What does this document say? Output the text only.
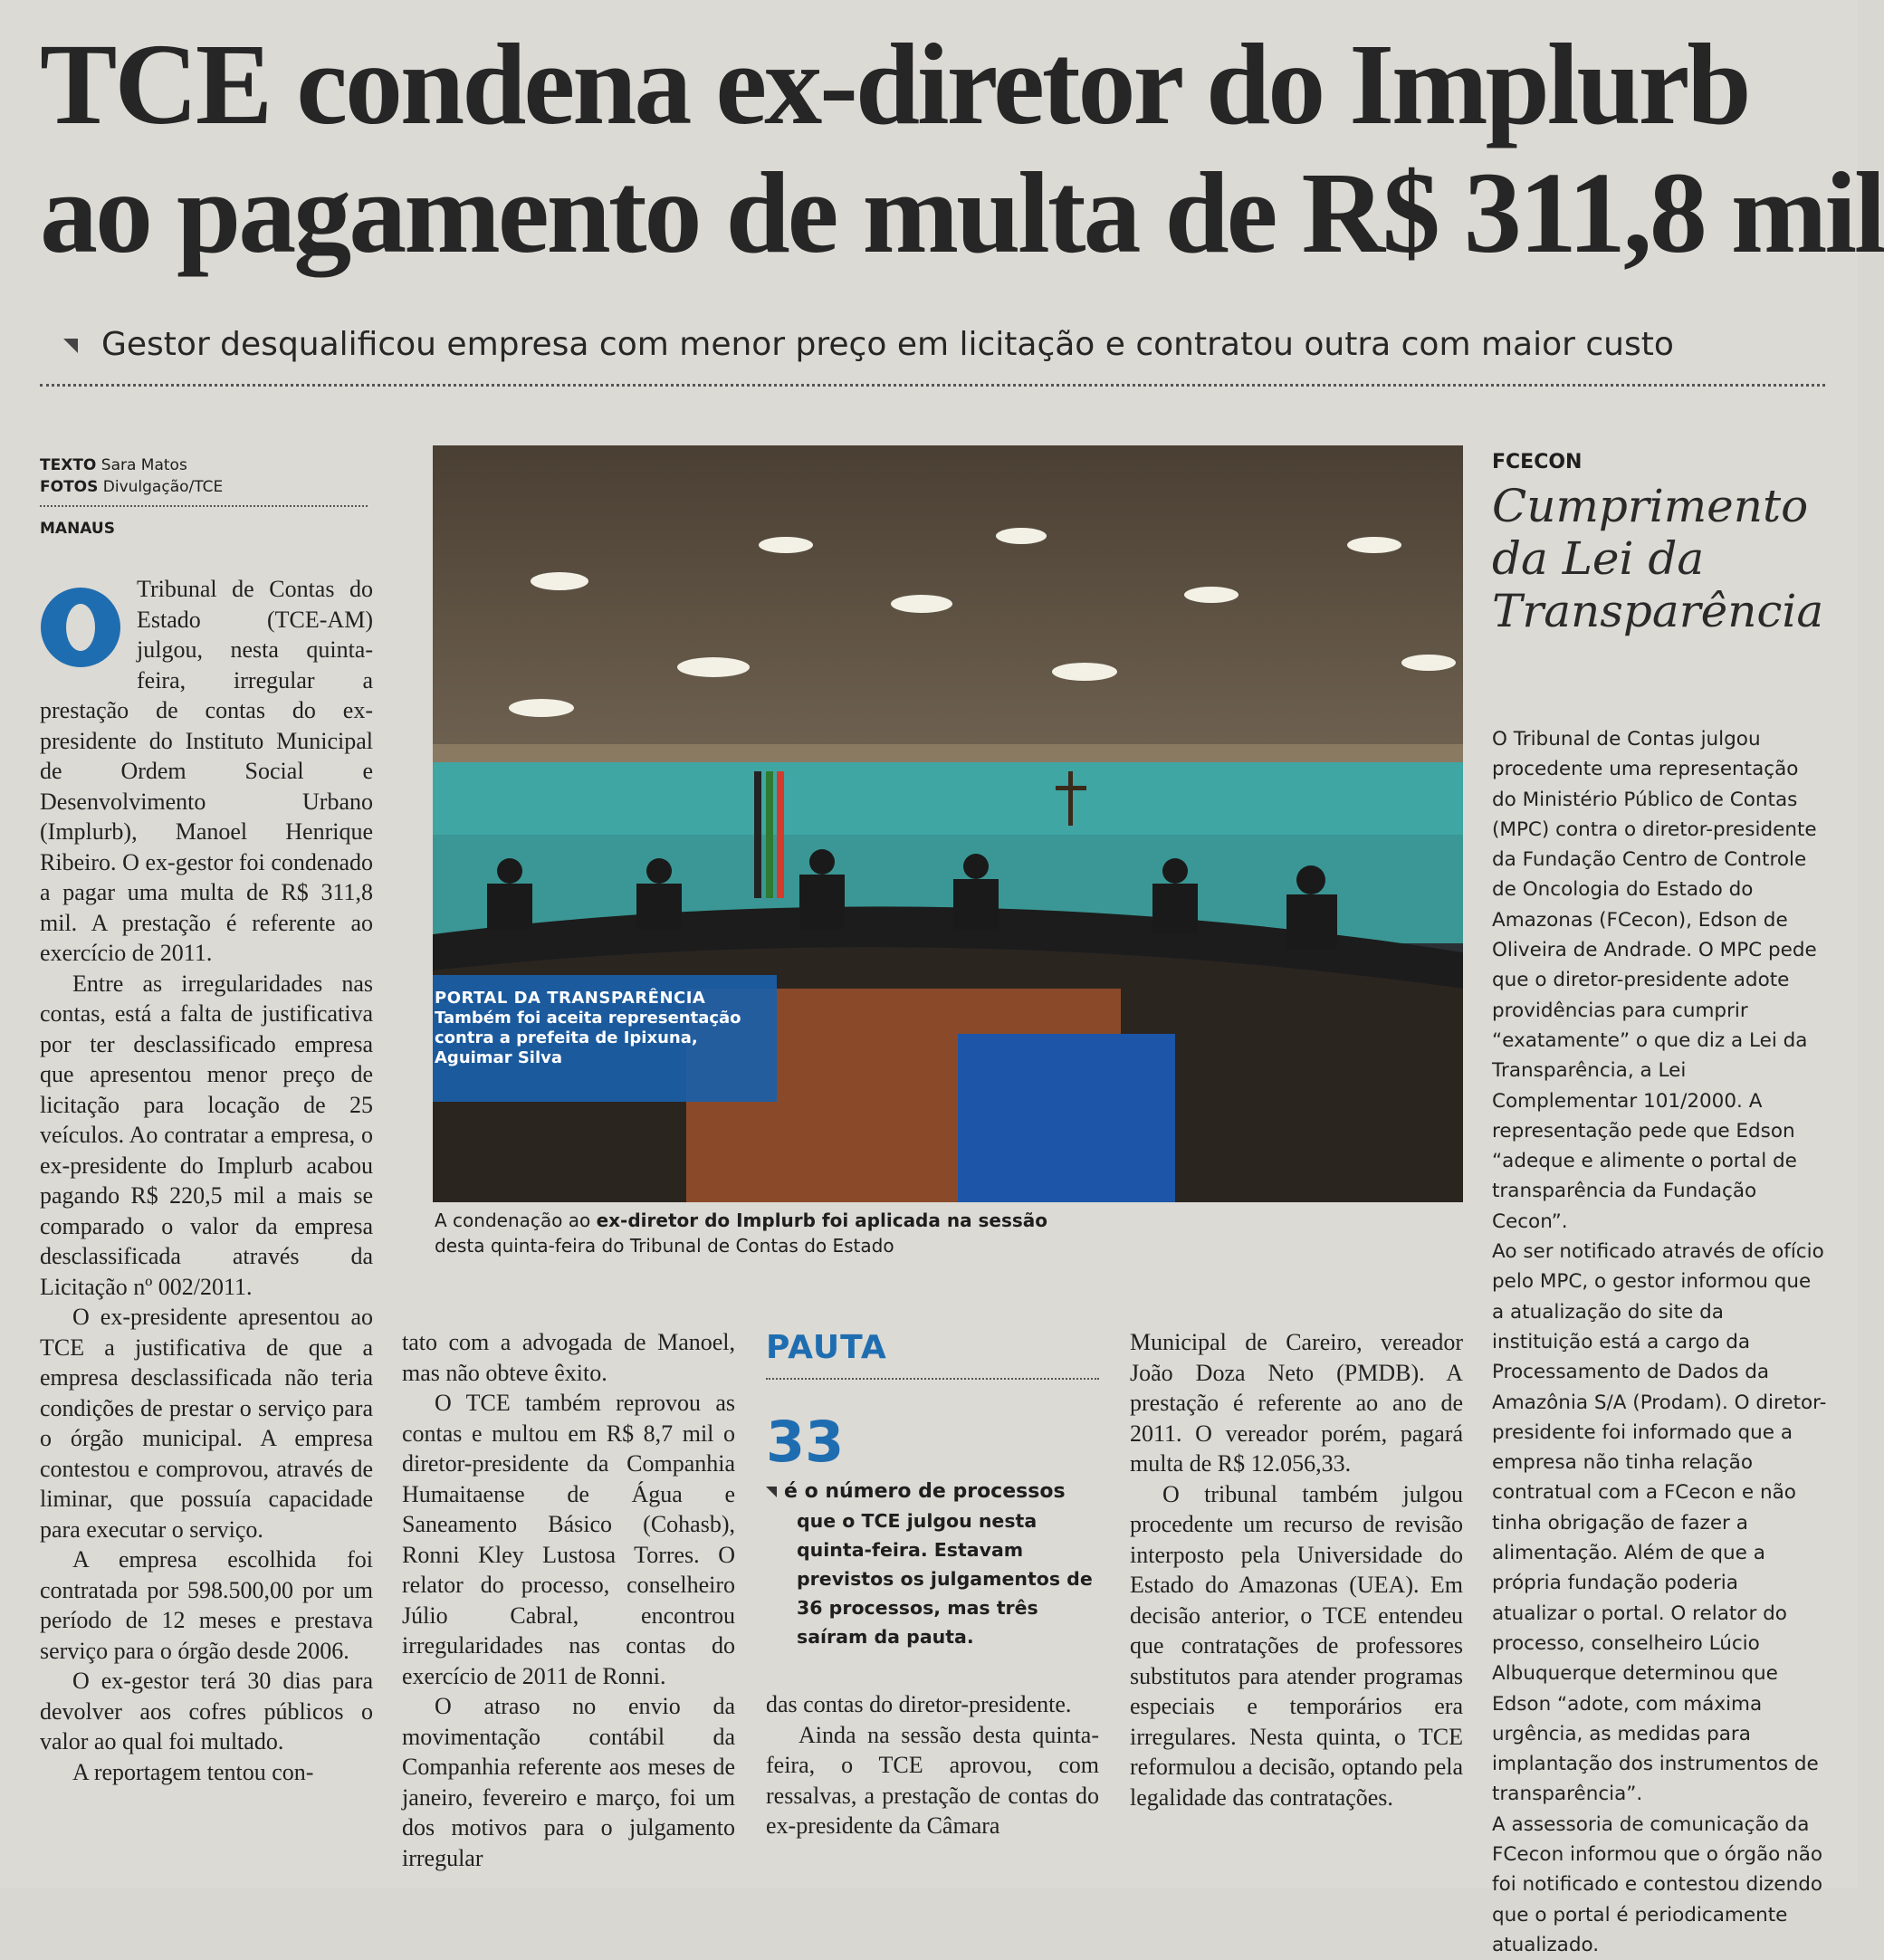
TCE condena ex-diretor do Implurb
ao pagamento de multa de R$ 311,8 mil
Gestor desqualificou empresa com menor preço em licitação e contratou outra com maior custo
TEXTO Sara Matos
FOTOS Divulgação/TCE
MANAUS
O	Tribunal de Contas do Estado (TCE-AM) julgou, nesta quinta-feira, irregular a prestação de contas do ex-presidente do Instituto Municipal de Ordem Social e Desenvolvimento Urbano (Implurb), Manoel Henrique Ribeiro. O ex-gestor foi condenado a pagar uma multa de R$ 311,8 mil. A prestação é referente ao exercício de 2011.

Entre as irregularidades nas contas, está a falta de justificativa por ter desclassificado empresa que apresentou menor preço de licitação para locação de 25 veículos. Ao contratar a empresa, o ex-presidente do Implurb acabou pagando R$ 220,5 mil a mais se comparado o valor da empresa desclassificada através da Licitação nº 002/2011.

O ex-presidente apresentou ao TCE a justificativa de que a empresa desclassificada não teria condições de prestar o serviço para o órgão municipal. A empresa contestou e comprovou, através de liminar, que possuía capacidade para executar o serviço.

A empresa escolhida foi contratada por 598.500,00 por um período de 12 meses e prestava serviço para o órgão desde 2006.

O ex-gestor terá 30 dias para devolver aos cofres públicos o valor ao qual foi multado.

A reportagem tentou con-

PORTAL DA TRANSPARÊNCIA
Também foi aceita representação contra a prefeita de Ipixuna, Aguimar Silva
A condenação ao ex-diretor do Implurb foi aplicada na sessão
desta quinta-feira do Tribunal de Contas do Estado

tato com a advogada de Manoel, mas não obteve êxito.

O TCE também reprovou as contas e multou em R$ 8,7 mil o diretor-presidente da Companhia Humaitaense de Água e Saneamento Básico (Cohasb), Ronni Kley Lustosa Torres. O relator do processo, conselheiro Júlio Cabral, encontrou irregularidades nas contas do exercício de 2011 de Ronni.

O atraso no envio da movimentação contábil da Companhia referente aos meses de janeiro, fevereiro e março, foi um dos motivos para o julgamento irregular

PAUTA
33
é o número de processos
que o TCE julgou nesta quinta-feira. Estavam previstos os julgamentos de 36 processos, mas três saíram da pauta.

das contas do diretor-presidente.

Ainda na sessão desta quinta-feira, o TCE aprovou, com ressalvas, a prestação de contas do ex-presidente da Câmara

Municipal de Careiro, vereador João Doza Neto (PMDB). A prestação é referente ao ano de 2011. O vereador porém, pagará multa de R$ 12.056,33.

O tribunal também julgou procedente um recurso de revisão interposto pela Universidade do Estado do Amazonas (UEA). Em decisão anterior, o TCE entendeu que contratações de professores substitutos para atender programas especiais e temporários era irregulares. Nesta quinta, o TCE reformulou a decisão, optando pela legalidade das contratações.

FCECON
Cumprimento da Lei da Transparência

O Tribunal de Contas julgou procedente uma representação do Ministério Público de Contas (MPC) contra o diretor-presidente da Fundação Centro de Controle de Oncologia do Estado do Amazonas (FCecon), Edson de Oliveira de Andrade. O MPC pede que o diretor-presidente adote providências para cumprir “exatamente” o que diz a Lei da Transparência, a Lei Complementar 101/2000. A representação pede que Edson “adeque e alimente o portal de transparência da Fundação Cecon”.

Ao ser notificado através de ofício pelo MPC, o gestor informou que a atualização do site da instituição está a cargo da Processamento de Dados da Amazônia S/A (Prodam). O diretor-presidente foi informado que a empresa não tinha relação contratual com a FCecon e não tinha obrigação de fazer a alimentação. Além de que a própria fundação poderia atualizar o portal. O relator do processo, conselheiro Lúcio Albuquerque determinou que Edson “adote, com máxima urgência, as medidas para implantação dos instrumentos de transparência”.

A assessoria de comunicação da FCecon informou que o órgão não foi notificado e contestou dizendo que o portal é periodicamente atualizado.
